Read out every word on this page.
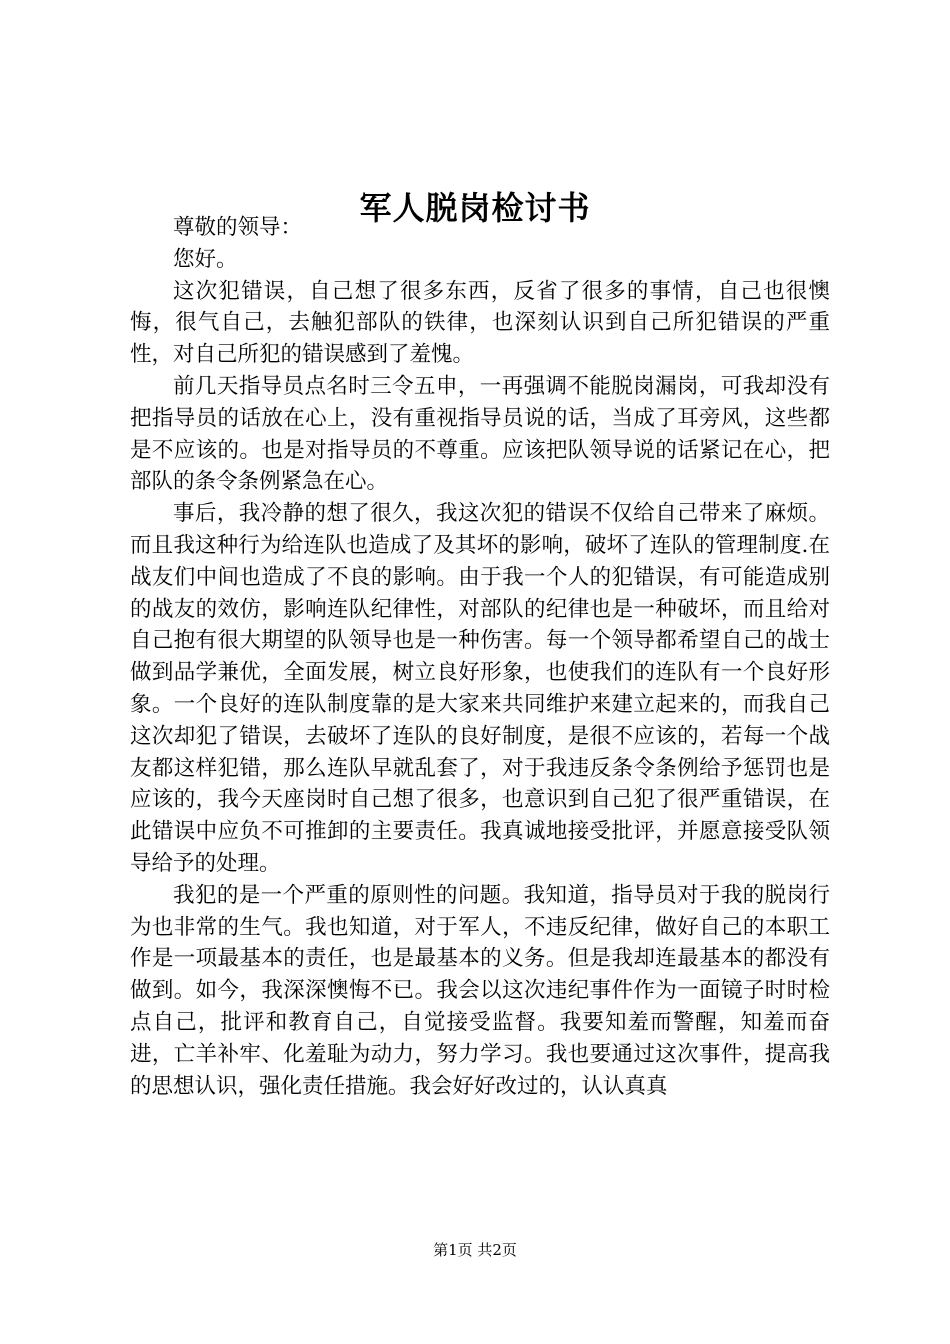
军人脱岗检讨书

尊敬的领导：

您好。

这次犯错误，自己想了很多东西，反省了很多的事情，自己也很懊悔，很气自己，去触犯部队的铁律，也深刻认识到自己所犯错误的严重性，对自己所犯的错误感到了羞愧。

前几天指导员点名时三令五申，一再强调不能脱岗漏岗，可我却没有把指导员的话放在心上，没有重视指导员说的话，当成了耳旁风，这些都是不应该的。也是对指导员的不尊重。应该把队领导说的话紧记在心，把部队的条令条例紧急在心。

事后，我冷静的想了很久，我这次犯的错误不仅给自己带来了麻烦。而且我这种行为给连队也造成了及其坏的影响，破坏了连队的管理制度.在战友们中间也造成了不良的影响。由于我一个人的犯错误，有可能造成别的战友的效仿，影响连队纪律性，对部队的纪律也是一种破坏，而且给对自己抱有很大期望的队领导也是一种伤害。每一个领导都希望自己的战士做到品学兼优，全面发展，树立良好形象，也使我们的连队有一个良好形象。一个良好的连队制度靠的是大家来共同维护来建立起来的，而我自己这次却犯了错误，去破坏了连队的良好制度，是很不应该的，若每一个战友都这样犯错，那么连队早就乱套了，对于我违反条令条例给予惩罚也是应该的，我今天座岗时自己想了很多，也意识到自己犯了很严重错误，在此错误中应负不可推卸的主要责任。我真诚地接受批评，并愿意接受队领导给予的处理。

我犯的是一个严重的原则性的问题。我知道，指导员对于我的脱岗行为也非常的生气。我也知道，对于军人，不违反纪律，做好自己的本职工作是一项最基本的责任，也是最基本的义务。但是我却连最基本的都没有做到。如今，我深深懊悔不已。我会以这次违纪事件作为一面镜子时时检点自己，批评和教育自己，自觉接受监督。我要知羞而警醒，知羞而奋进，亡羊补牢、化羞耻为动力，努力学习。我也要通过这次事件，提高我的思想认识，强化责任措施。我会好好改过的，认认真真

第1页 共2页
